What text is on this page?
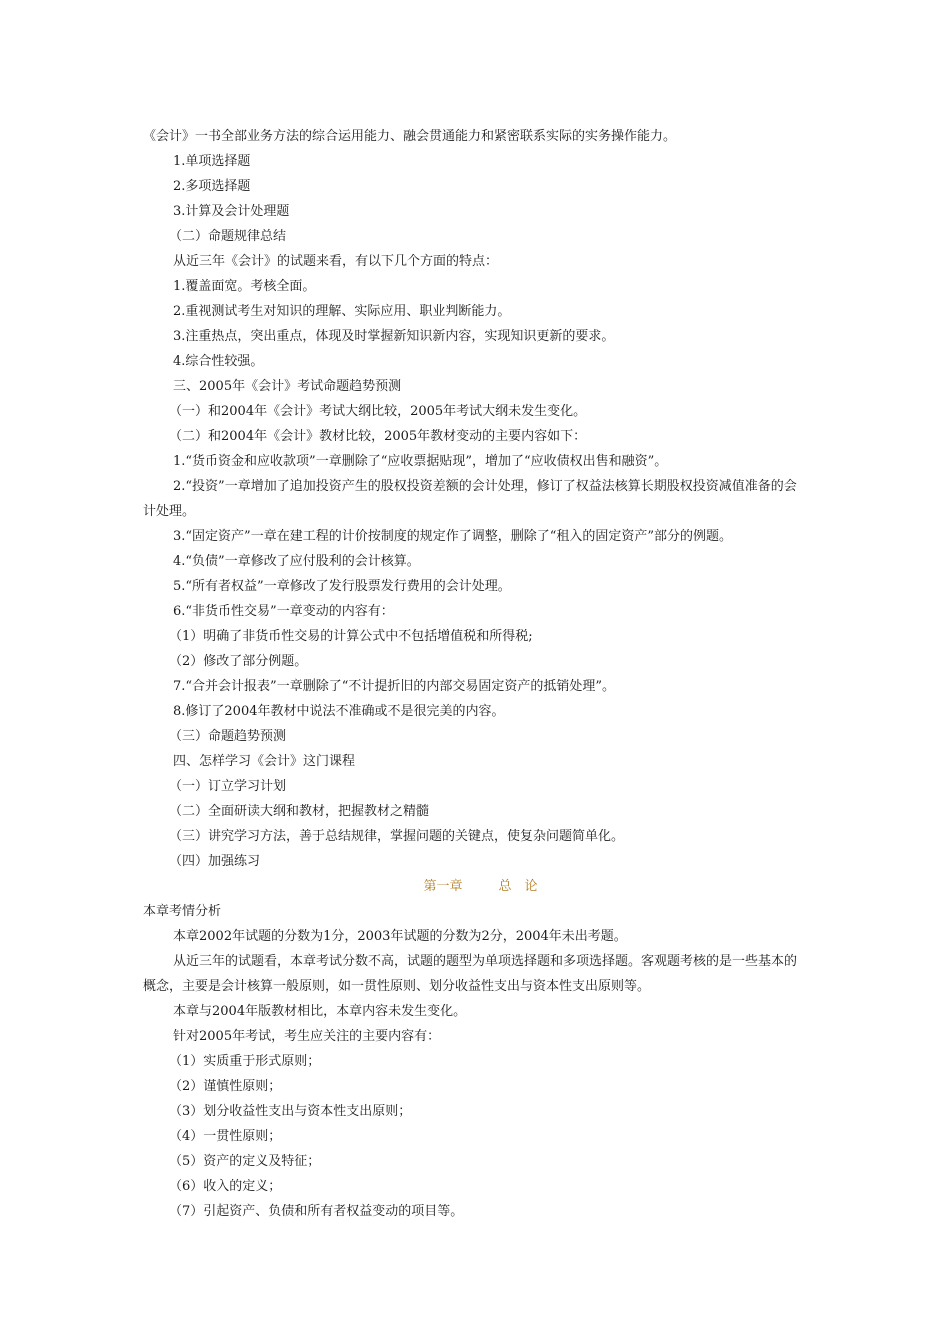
《会计》一书全部业务方法的综合运用能力、融会贯通能力和紧密联系实际的实务操作能力。

1.单项选择题

2.多项选择题

3.计算及会计处理题

（二）命题规律总结

从近三年《会计》的试题来看，有以下几个方面的特点：

1.覆盖面宽。考核全面。

2.重视测试考生对知识的理解、实际应用、职业判断能力。

3.注重热点，突出重点，体现及时掌握新知识新内容，实现知识更新的要求。

4.综合性较强。

三、2005年《会计》考试命题趋势预测

（一）和2004年《会计》考试大纲比较，2005年考试大纲未发生变化。

（二）和2004年《会计》教材比较，2005年教材变动的主要内容如下：

1.“货币资金和应收款项”一章删除了“应收票据贴现”，增加了“应收债权出售和融资”。

2.“投资”一章增加了追加投资产生的股权投资差额的会计处理，修订了权益法核算长期股权投资减值准备的会计处理。

3.“固定资产”一章在建工程的计价按制度的规定作了调整，删除了“租入的固定资产”部分的例题。

4.“负债”一章修改了应付股利的会计核算。

5.“所有者权益”一章修改了发行股票发行费用的会计处理。

6.“非货币性交易”一章变动的内容有：

（1）明确了非货币性交易的计算公式中不包括增值税和所得税;

（2）修改了部分例题。

7.“合并会计报表”一章删除了“不计提折旧的内部交易固定资产的抵销处理”。

8.修订了2004年教材中说法不准确或不是很完美的内容。

（三）命题趋势预测

四、怎样学习《会计》这门课程

（一）订立学习计划

（二）全面研读大纲和教材，把握教材之精髓

（三）讲究学习方法，善于总结规律，掌握问题的关键点，使复杂问题简单化。

（四）加强练习

第一章	总　论

本章考情分析

本章2002年试题的分数为1分，2003年试题的分数为2分，2004年未出考题。

从近三年的试题看，本章考试分数不高，试题的题型为单项选择题和多项选择题。客观题考核的是一些基本的概念，主要是会计核算一般原则，如一贯性原则、划分收益性支出与资本性支出原则等。

本章与2004年版教材相比，本章内容未发生变化。

针对2005年考试，考生应关注的主要内容有：

（1）实质重于形式原则；

（2）谨慎性原则；

（3）划分收益性支出与资本性支出原则；

（4）一贯性原则；

（5）资产的定义及特征；

（6）收入的定义；

（7）引起资产、负债和所有者权益变动的项目等。
